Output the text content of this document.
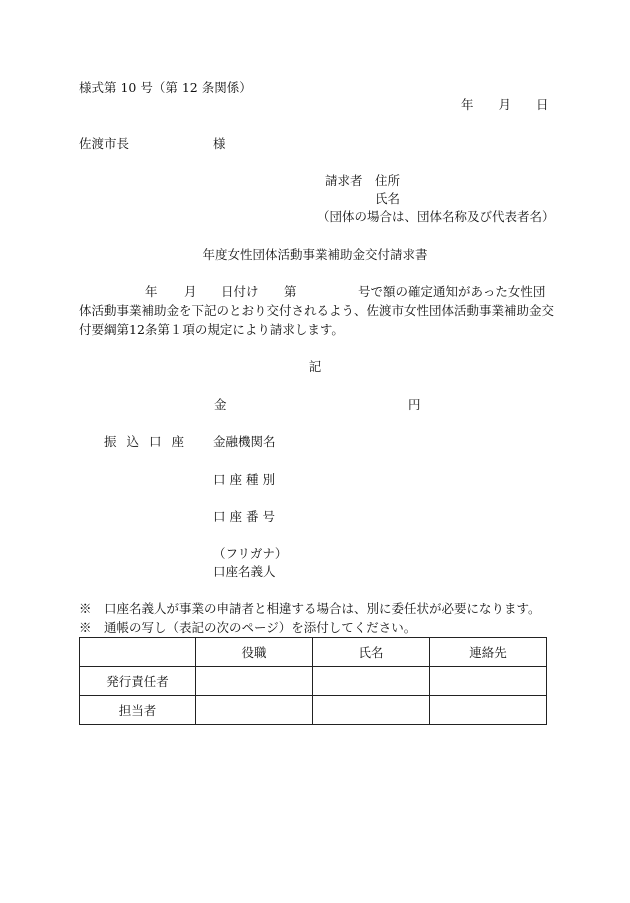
様式第 10 号（第 12 条関係）
年　　月　　日
佐渡市長	様
請求者 住所
氏名
（団体の場合は、団体名称及び代表者名）
年度女性団体活動事業補助金交付請求書
年 月 日付け 第	号で額の確定通知があった女性団
体活動事業補助金を下記のとおり交付されるよう、佐渡市女性団体活動事業補助金交
付要綱第12条第１項の規定により請求します。
記
金	円
振込口座 金融機関名
口座種別
口座番号
（フリガナ）
口座名義人
※　口座名義人が事業の申請者と相違する場合は、別に委任状が必要になります。
※　通帳の写し（表記の次のページ）を添付してください。
	役職	氏名	連絡先
発行責任者			
担当者			
